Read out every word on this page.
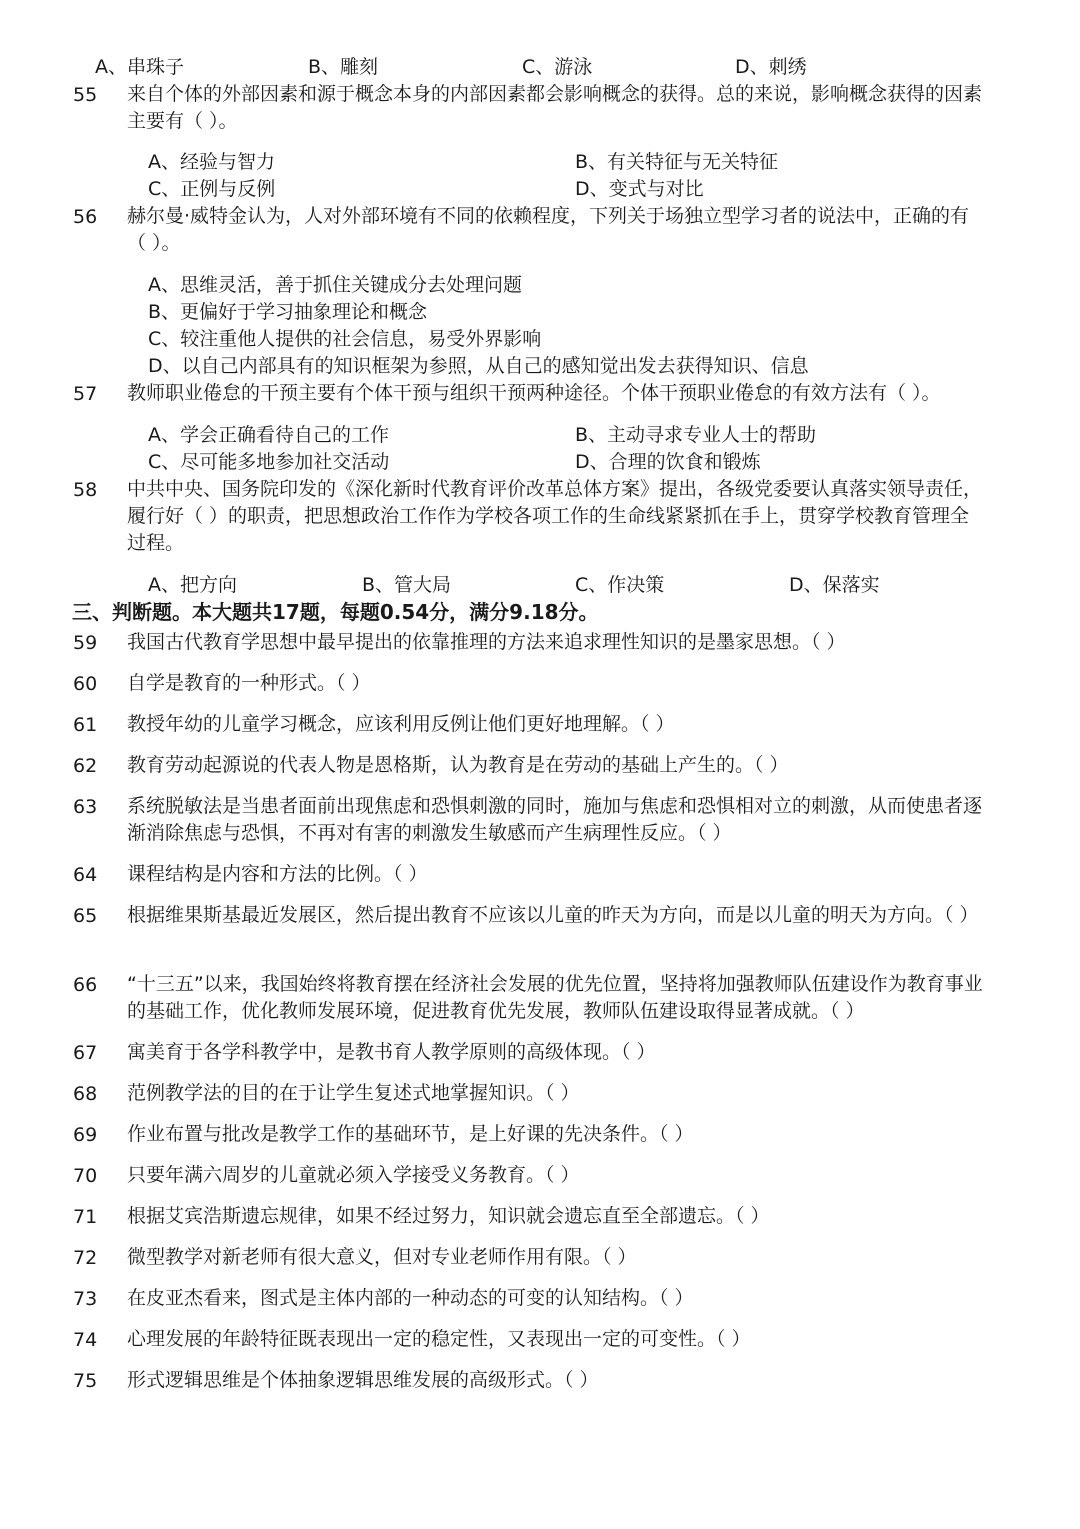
A、串珠子	B、雕刻	C、游泳	D、刺绣
55 来自个体的外部因素和源于概念本身的内部因素都会影响概念的获得。总的来说，影响概念获得的因素主要有（ ）。
A、经验与智力	B、有关特征与无关特征
C、正例与反例	D、变式与对比
56 赫尔曼·威特金认为，人对外部环境有不同的依赖程度，下列关于场独立型学习者的说法中，正确的有（ ）。
A、思维灵活，善于抓住关键成分去处理问题
B、更偏好于学习抽象理论和概念
C、较注重他人提供的社会信息，易受外界影响
D、以自己内部具有的知识框架为参照，从自己的感知觉出发去获得知识、信息
57 教师职业倦怠的干预主要有个体干预与组织干预两种途径。个体干预职业倦怠的有效方法有（ ）。
A、学会正确看待自己的工作	B、主动寻求专业人士的帮助
C、尽可能多地参加社交活动	D、合理的饮食和锻炼
58 中共中央、国务院印发的《深化新时代教育评价改革总体方案》提出，各级党委要认真落实领导责任，履行好（ ）的职责，把思想政治工作作为学校各项工作的生命线紧紧抓在手上，贯穿学校教育管理全过程。
A、把方向	B、管大局	C、作决策	D、保落实
三、判断题。本大题共17题，每题0.54分，满分9.18分。
59 我国古代教育学思想中最早提出的依靠推理的方法来追求理性知识的是墨家思想。（ ）
60 自学是教育的一种形式。（ ）
61 教授年幼的儿童学习概念，应该利用反例让他们更好地理解。（ ）
62 教育劳动起源说的代表人物是恩格斯，认为教育是在劳动的基础上产生的。（ ）
63 系统脱敏法是当患者面前出现焦虑和恐惧刺激的同时，施加与焦虑和恐惧相对立的刺激，从而使患者逐渐消除焦虑与恐惧，不再对有害的刺激发生敏感而产生病理性反应。（ ）
64 课程结构是内容和方法的比例。（ ）
65 根据维果斯基最近发展区，然后提出教育不应该以儿童的昨天为方向，而是以儿童的明天为方向。（ ）
66 “十三五”以来，我国始终将教育摆在经济社会发展的优先位置，坚持将加强教师队伍建设作为教育事业的基础工作，优化教师发展环境，促进教育优先发展，教师队伍建设取得显著成就。（ ）
67 寓美育于各学科教学中，是教书育人教学原则的高级体现。（ ）
68 范例教学法的目的在于让学生复述式地掌握知识。（ ）
69 作业布置与批改是教学工作的基础环节，是上好课的先决条件。（ ）
70 只要年满六周岁的儿童就必须入学接受义务教育。（ ）
71 根据艾宾浩斯遗忘规律，如果不经过努力，知识就会遗忘直至全部遗忘。（ ）
72 微型教学对新老师有很大意义，但对专业老师作用有限。（ ）
73 在皮亚杰看来，图式是主体内部的一种动态的可变的认知结构。（ ）
74 心理发展的年龄特征既表现出一定的稳定性，又表现出一定的可变性。（ ）
75 形式逻辑思维是个体抽象逻辑思维发展的高级形式。（ ）
